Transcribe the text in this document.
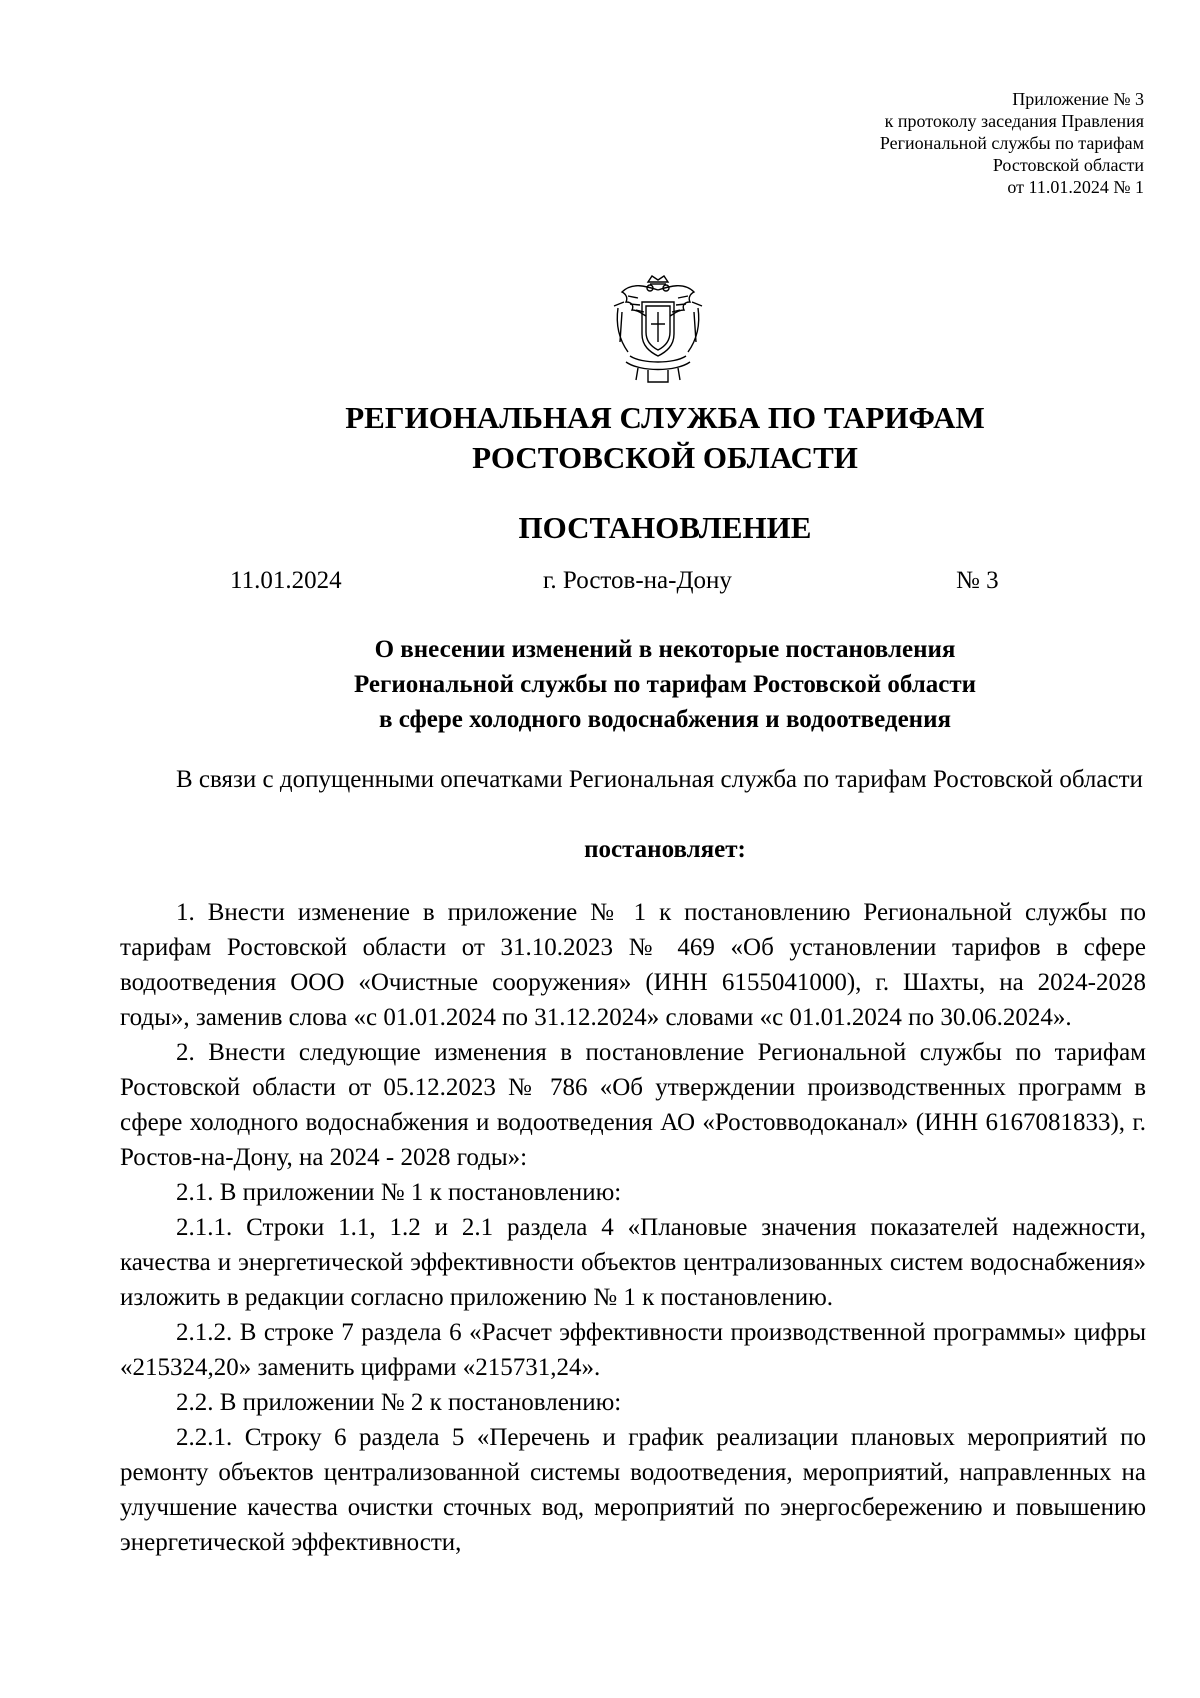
Приложение № 3
к протоколу заседания Правления
Региональной службы по тарифам
Ростовской области
от 11.01.2024 № 1
РЕГИОНАЛЬНАЯ СЛУЖБА ПО ТАРИФАМ
РОСТОВСКОЙ ОБЛАСТИ
ПОСТАНОВЛЕНИЕ
11.01.2024	г. Ростов-на-Дону	№ 3
О внесении изменений в некоторые постановления
Региональной службы по тарифам Ростовской области
в сфере холодного водоснабжения и водоотведения

В связи с допущенными опечатками Региональная служба по тарифам Ростовской области

постановляет:

1. Внести изменение в приложение № 1 к постановлению Региональной службы по тарифам Ростовской области от 31.10.2023 № 469 «Об установлении тарифов в сфере водоотведения ООО «Очистные сооружения» (ИНН 6155041000), г. Шахты, на 2024-2028 годы», заменив слова «с 01.01.2024 по 31.12.2024» словами «с 01.01.2024 по 30.06.2024».

2. Внести следующие изменения в постановление Региональной службы по тарифам Ростовской области от 05.12.2023 № 786 «Об утверждении производственных программ в сфере холодного водоснабжения и водоотведения АО «Ростовводоканал» (ИНН 6167081833), г. Ростов-на-Дону, на 2024 - 2028 годы»:

2.1. В приложении № 1 к постановлению:

2.1.1. Строки 1.1, 1.2 и 2.1 раздела 4 «Плановые значения показателей надежности, качества и энергетической эффективности объектов централизованных систем водоснабжения» изложить в редакции согласно приложению № 1 к постановлению.

2.1.2. В строке 7 раздела 6 «Расчет эффективности производственной программы» цифры «215324,20» заменить цифрами «215731,24».

2.2. В приложении № 2 к постановлению:

2.2.1. Строку 6 раздела 5 «Перечень и график реализации плановых мероприятий по ремонту объектов централизованной системы водоотведения, мероприятий, направленных на улучшение качества очистки сточных вод, мероприятий по энергосбережению и повышению энергетической эффективности,
